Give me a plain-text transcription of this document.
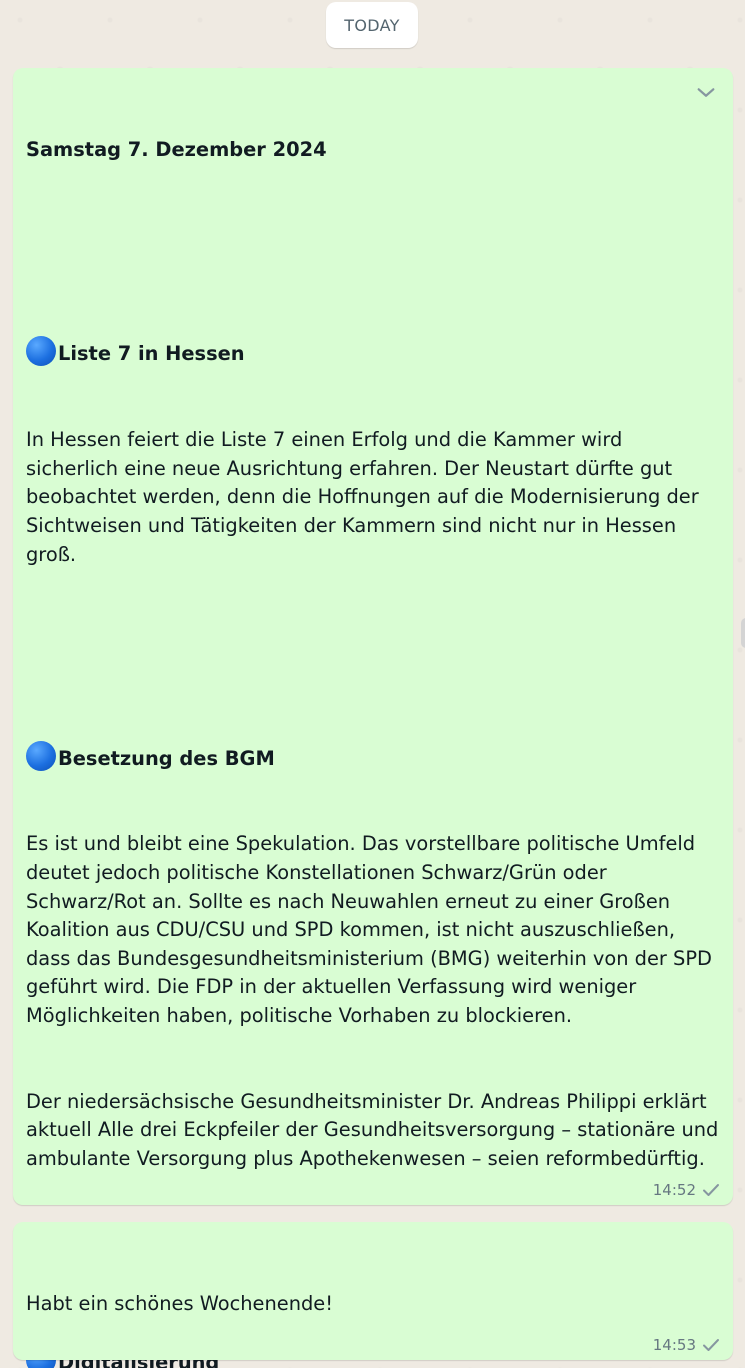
TODAY

Samstag 7. Dezember 2024

Liste 7 in Hessen

In Hessen feiert die Liste 7 einen Erfolg und die Kammer wird sicherlich eine neue Ausrichtung erfahren. Der Neustart dürfte gut beobachtet werden, denn die Hoffnungen auf die Modernisierung der Sichtweisen und Tätigkeiten der Kammern sind nicht nur in Hessen groß.

Besetzung des BGM

Es ist und bleibt eine Spekulation. Das vorstellbare politische Umfeld deutet jedoch politische Konstellationen Schwarz/Grün oder Schwarz/Rot an. Sollte es nach Neuwahlen erneut zu einer Großen Koalition aus CDU/CSU und SPD kommen, ist nicht auszuschließen, dass das Bundesgesundheitsministerium (BMG) weiterhin von der SPD geführt wird. Die FDP in der aktuellen Verfassung wird weniger Möglichkeiten haben, politische Vorhaben zu blockieren.

Der niedersächsische Gesundheitsminister Dr. Andreas Philippi erklärt aktuell Alle drei Eckpfeiler der Gesundheitsversorgung – stationäre und ambulante Versorgung plus Apothekenwesen – seien reformbedürftig.

14:52

Habt ein schönes Wochenende!

14:53
